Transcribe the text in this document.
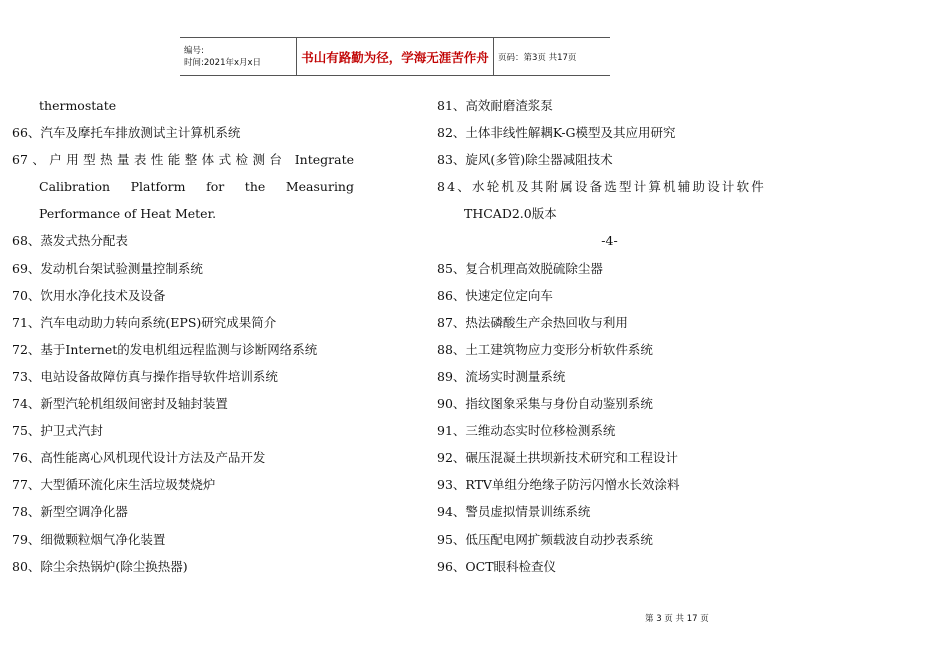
编号:
时间:2021年x月x日	书山有路勤为径，学海无涯苦作舟 页码：第3页 共17页
thermostate
66、汽车及摩托车排放测试主计算机系统
67、户用型热量表性能整体式检测台 Integrate
Calibration Platform for the Measuring
Performance of Heat Meter.
68、蒸发式热分配表
69、发动机台架试验测量控制系统
70、饮用水净化技术及设备
71、汽车电动助力转向系统(EPS)研究成果简介
72、基于Internet的发电机组远程监测与诊断网络系统
73、电站设备故障仿真与操作指导软件培训系统
74、新型汽轮机组级间密封及轴封装置
75、护卫式汽封
76、高性能离心风机现代设计方法及产品开发
77、大型循环流化床生活垃圾焚烧炉
78、新型空调净化器
79、细微颗粒烟气净化装置
80、除尘余热锅炉(除尘换热器)
81、高效耐磨渣浆泵
82、土体非线性解耦K-G模型及其应用研究
83、旋风(多管)除尘器减阻技术
84、水轮机及其附属设备选型计算机辅助设计软件
THCAD2.0版本
-4-
85、复合机理高效脱硫除尘器
86、快速定位定向车
87、热法磷酸生产余热回收与利用
88、土工建筑物应力变形分析软件系统
89、流场实时测量系统
90、指纹图象采集与身份自动鉴别系统
91、三维动态实时位移检测系统
92、碾压混凝土拱坝新技术研究和工程设计
93、RTV单组分绝缘子防污闪憎水长效涂料
94、警员虚拟情景训练系统
95、低压配电网扩频载波自动抄表系统
96、OCT眼科检查仪
第 3 页 共 17 页
